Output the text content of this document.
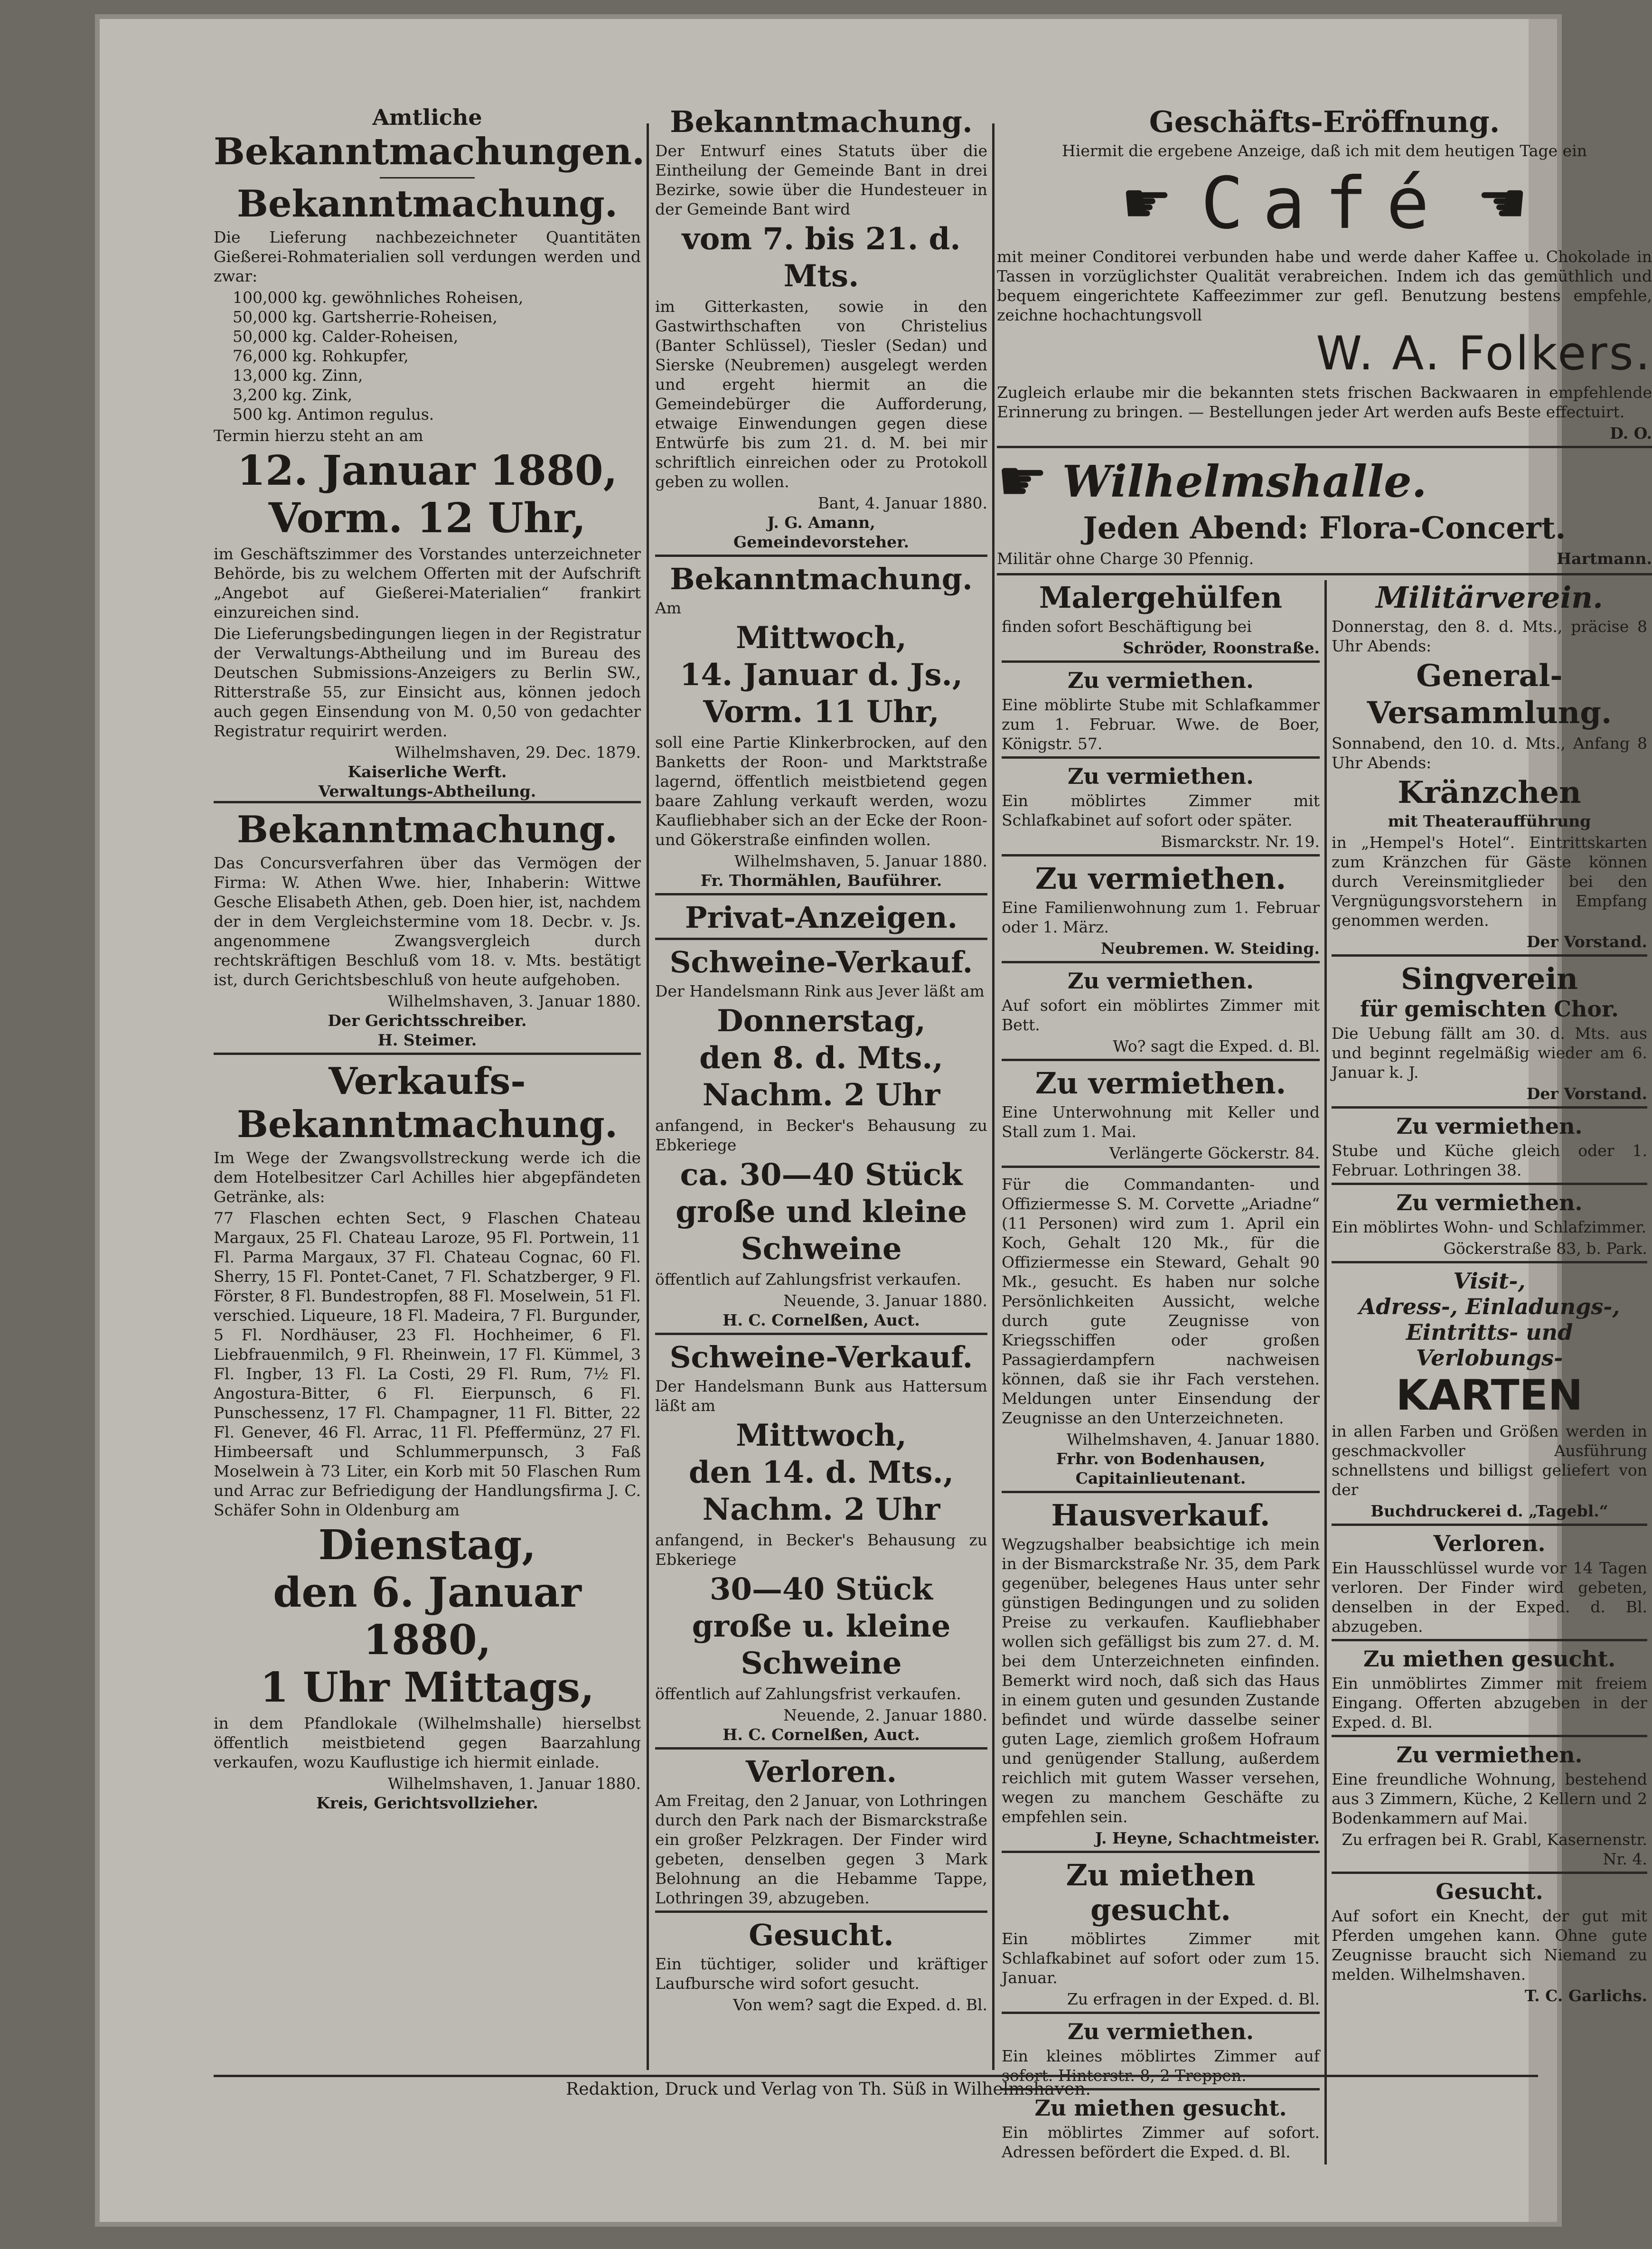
Amtliche
Bekanntmachungen.
Bekanntmachung.
Die Lieferung nachbezeichneter Quantitäten Gießerei-Rohmaterialien soll verdungen werden und zwar:
100,000 kg. gewöhnliches Roheisen,
50,000 kg. Gartsherrie-Roheisen,
50,000 kg. Calder-Roheisen,
76,000 kg. Rohkupfer,
13,000 kg. Zinn,
3,200 kg. Zink,
500 kg. Antimon regulus.
Termin hierzu steht an am
12. Januar 1880,
Vorm. 12 Uhr,
im Geschäftszimmer des Vorstandes unterzeichneter Behörde, bis zu welchem Offerten mit der Aufschrift „Angebot auf Gießerei-Materialien“ frankirt einzureichen sind.
Die Lieferungsbedingungen liegen in der Registratur der Verwaltungs-Abtheilung und im Bureau des Deutschen Submissions-Anzeigers zu Berlin SW., Ritterstraße 55, zur Einsicht aus, können jedoch auch gegen Einsendung von M. 0,50 von gedachter Registratur requirirt werden.
Wilhelmshaven, 29. Dec. 1879.
Kaiserliche Werft.
Verwaltungs-Abtheilung.
Bekanntmachung.
Das Concursverfahren über das Vermögen der Firma: W. Athen Wwe. hier, Inhaberin: Wittwe Gesche Elisabeth Athen, geb. Doen hier, ist, nachdem der in dem Vergleichstermine vom 18. Decbr. v. Js. angenommene Zwangsvergleich durch rechtskräftigen Beschluß vom 18. v. Mts. bestätigt ist, durch Gerichtsbeschluß von heute aufgehoben.
Wilhelmshaven, 3. Januar 1880.
Der Gerichtsschreiber.
H. Steimer.
Verkaufs-
Bekanntmachung.
Im Wege der Zwangsvollstreckung werde ich die dem Hotelbesitzer Carl Achilles hier abgepfändeten Getränke, als:
77 Flaschen echten Sect, 9 Flaschen Chateau Margaux, 25 Fl. Chateau Laroze, 95 Fl. Portwein, 11 Fl. Parma Margaux, 37 Fl. Chateau Cognac, 60 Fl. Sherry, 15 Fl. Pontet-Canet, 7 Fl. Schatzberger, 9 Fl. Förster, 8 Fl. Bundestropfen, 88 Fl. Moselwein, 51 Fl. verschied. Liqueure, 18 Fl. Madeira, 7 Fl. Burgunder, 5 Fl. Nordhäuser, 23 Fl. Hochheimer, 6 Fl. Liebfrauenmilch, 9 Fl. Rheinwein, 17 Fl. Kümmel, 3 Fl. Ingber, 13 Fl. La Costi, 29 Fl. Rum, 7½ Fl. Angostura-Bitter, 6 Fl. Eierpunsch, 6 Fl. Punschessenz, 17 Fl. Champagner, 11 Fl. Bitter, 22 Fl. Genever, 46 Fl. Arrac, 11 Fl. Pfeffermünz, 27 Fl. Himbeersaft und Schlummerpunsch, 3 Faß Moselwein à 73 Liter, ein Korb mit 50 Flaschen Rum und Arrac zur Befriedigung der Handlungsfirma J. C. Schäfer Sohn in Oldenburg am
Dienstag,
den 6. Januar 1880,
1 Uhr Mittags,
in dem Pfandlokale (Wilhelmshalle) hierselbst öffentlich meistbietend gegen Baarzahlung verkaufen, wozu Kauflustige ich hiermit einlade.
Wilhelmshaven, 1. Januar 1880.
Kreis, Gerichtsvollzieher.
Bekanntmachung.
Der Entwurf eines Statuts über die Eintheilung der Gemeinde Bant in drei Bezirke, sowie über die Hundesteuer in der Gemeinde Bant wird
vom 7. bis 21. d. Mts.
im Gitterkasten, sowie in den Gastwirthschaften von Christelius (Banter Schlüssel), Tiesler (Sedan) und Sierske (Neubremen) ausgelegt werden und ergeht hiermit an die Gemeindebürger die Aufforderung, etwaige Einwendungen gegen diese Entwürfe bis zum 21. d. M. bei mir schriftlich einreichen oder zu Protokoll geben zu wollen.
Bant, 4. Januar 1880.
J. G. Amann,
Gemeindevorsteher.
Bekanntmachung.
Am
Mittwoch,
14. Januar d. Js.,
Vorm. 11 Uhr,
soll eine Partie Klinkerbrocken, auf den Banketts der Roon- und Marktstraße lagernd, öffentlich meistbietend gegen baare Zahlung verkauft werden, wozu Kaufliebhaber sich an der Ecke der Roon- und Gökerstraße einfinden wollen.
Wilhelmshaven, 5. Januar 1880.
Fr. Thormählen, Bauführer.
Privat-Anzeigen.
Schweine-Verkauf.
Der Handelsmann Rink aus Jever läßt am
Donnerstag,
den 8. d. Mts.,
Nachm. 2 Uhr
anfangend, in Becker's Behausung zu Ebkeriege
ca. 30—40 Stück große und kleine Schweine
öffentlich auf Zahlungsfrist verkaufen.
Neuende, 3. Januar 1880.
H. C. Cornelßen, Auct.
Schweine-Verkauf.
Der Handelsmann Bunk aus Hattersum läßt am
Mittwoch,
den 14. d. Mts.,
Nachm. 2 Uhr
anfangend, in Becker's Behausung zu Ebkeriege
30—40 Stück große u. kleine Schweine
öffentlich auf Zahlungsfrist verkaufen.
Neuende, 2. Januar 1880.
H. C. Cornelßen, Auct.
Verloren.
Am Freitag, den 2 Januar, von Lothringen durch den Park nach der Bismarckstraße ein großer Pelzkragen. Der Finder wird gebeten, denselben gegen 3 Mark Belohnung an die Hebamme Tappe, Lothringen 39, abzugeben.
Gesucht.
Ein tüchtiger, solider und kräftiger Laufbursche wird sofort gesucht.
Von wem? sagt die Exped. d. Bl.
Geschäfts-Eröffnung.
Hiermit die ergebene Anzeige, daß ich mit dem heutigen Tage ein
☛ Café ☚
mit meiner Conditorei verbunden habe und werde daher Kaffee u. Chokolade in Tassen in vorzüglichster Qualität verabreichen. Indem ich das gemüthlich und bequem eingerichtete Kaffeezimmer zur gefl. Benutzung bestens empfehle, zeichne hochachtungsvoll
W. A. Folkers.
Zugleich erlaube mir die bekannten stets frischen Backwaaren in empfehlende Erinnerung zu bringen. — Bestellungen jeder Art werden aufs Beste effectuirt.
D. O.
☛ Wilhelmshalle.
Jeden Abend: Flora-Concert.
Militär ohne Charge 30 Pfennig.	Hartmann.
Malergehülfen
finden sofort Beschäftigung bei
Schröder, Roonstraße.
Zu vermiethen.
Eine möblirte Stube mit Schlafkammer zum 1. Februar. Wwe. de Boer, Königstr. 57.
Zu vermiethen.
Ein möblirtes Zimmer mit Schlafkabinet auf sofort oder später.
Bismarckstr. Nr. 19.
Zu vermiethen.
Eine Familienwohnung zum 1. Februar oder 1. März.
Neubremen. W. Steiding.
Zu vermiethen.
Auf sofort ein möblirtes Zimmer mit Bett.
Wo? sagt die Exped. d. Bl.
Zu vermiethen.
Eine Unterwohnung mit Keller und Stall zum 1. Mai.
Verlängerte Göckerstr. 84.
Für die Commandanten- und Offiziermesse S. M. Corvette „Ariadne“ (11 Personen) wird zum 1. April ein Koch, Gehalt 120 Mk., für die Offiziermesse ein Steward, Gehalt 90 Mk., gesucht. Es haben nur solche Persönlichkeiten Aussicht, welche durch gute Zeugnisse von Kriegsschiffen oder großen Passagierdampfern nachweisen können, daß sie ihr Fach verstehen. Meldungen unter Einsendung der Zeugnisse an den Unterzeichneten.
Wilhelmshaven, 4. Januar 1880.
Frhr. von Bodenhausen,
Capitainlieutenant.
Hausverkauf.
Wegzugshalber beabsichtige ich mein in der Bismarckstraße Nr. 35, dem Park gegenüber, belegenes Haus unter sehr günstigen Bedingungen und zu soliden Preise zu verkaufen. Kaufliebhaber wollen sich gefälligst bis zum 27. d. M. bei dem Unterzeichneten einfinden. Bemerkt wird noch, daß sich das Haus in einem guten und gesunden Zustande befindet und würde dasselbe seiner guten Lage, ziemlich großem Hofraum und genügender Stallung, außerdem reichlich mit gutem Wasser versehen, wegen zu manchem Geschäfte zu empfehlen sein.
J. Heyne, Schachtmeister.
Zu miethen gesucht.
Ein möblirtes Zimmer mit Schlafkabinet auf sofort oder zum 15. Januar.
Zu erfragen in der Exped. d. Bl.
Zu vermiethen.
Ein kleines möblirtes Zimmer auf sofort. Hinterstr. 8, 2 Treppen.
Zu miethen gesucht.
Ein möblirtes Zimmer auf sofort. Adressen befördert die Exped. d. Bl.
Militärverein.
Donnerstag, den 8. d. Mts., präcise 8 Uhr Abends:
General-Versammlung.
Sonnabend, den 10. d. Mts., Anfang 8 Uhr Abends:
Kränzchen
mit Theateraufführung
in „Hempel's Hotel“. Eintrittskarten zum Kränzchen für Gäste können durch Vereinsmitglieder bei den Vergnügungsvorstehern in Empfang genommen werden.
Der Vorstand.
Singverein
für gemischten Chor.
Die Uebung fällt am 30. d. Mts. aus und beginnt regelmäßig wieder am 6. Januar k. J.
Der Vorstand.
Zu vermiethen.
Stube und Küche gleich oder 1. Februar. Lothringen 38.
Zu vermiethen.
Ein möblirtes Wohn- und Schlafzimmer.
Göckerstraße 83, b. Park.
Visit-,
Adress-, Einladungs-,
Eintritts- und Verlobungs-
KARTEN
in allen Farben und Größen werden in geschmackvoller Ausführung schnellstens und billigst geliefert von der
Buchdruckerei d. „Tagebl.“
Verloren.
Ein Hausschlüssel wurde vor 14 Tagen verloren. Der Finder wird gebeten, denselben in der Exped. d. Bl. abzugeben.
Zu miethen gesucht.
Ein unmöblirtes Zimmer mit freiem Eingang. Offerten abzugeben in der Exped. d. Bl.
Zu vermiethen.
Eine freundliche Wohnung, bestehend aus 3 Zimmern, Küche, 2 Kellern und 2 Bodenkammern auf Mai.
Zu erfragen bei R. Grabl, Kasernenstr. Nr. 4.
Gesucht.
Auf sofort ein Knecht, der gut mit Pferden umgehen kann. Ohne gute Zeugnisse braucht sich Niemand zu melden. Wilhelmshaven.
T. C. Garlichs.
Redaktion, Druck und Verlag von Th. Süß in Wilhelmshaven.
